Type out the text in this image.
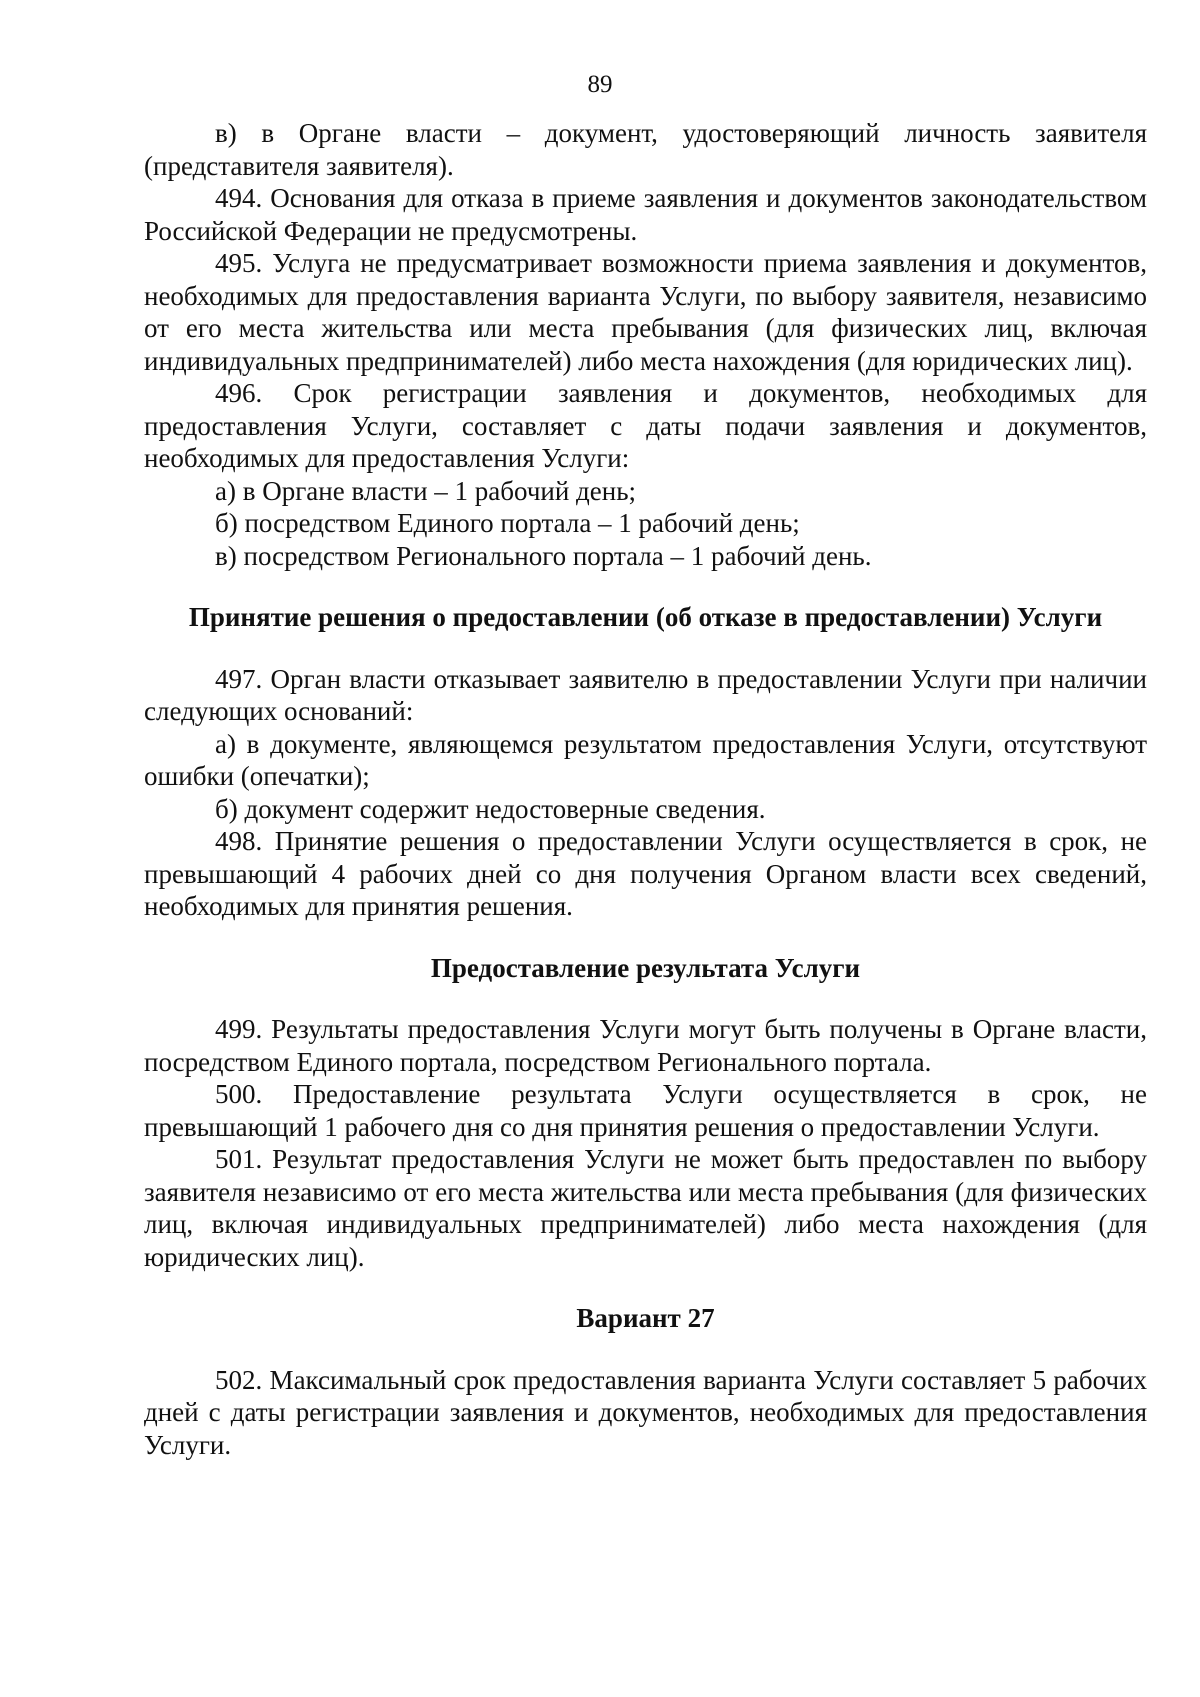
89

в) в Органе власти – документ, удостоверяющий личность заявителя (представителя заявителя).

494. Основания для отказа в приеме заявления и документов законодательством Российской Федерации не предусмотрены.

495. Услуга не предусматривает возможности приема заявления и документов, необходимых для предоставления варианта Услуги, по выбору заявителя, независимо от его места жительства или места пребывания (для физических лиц, включая индивидуальных предпринимателей) либо места нахождения (для юридических лиц).

496. Срок регистрации заявления и документов, необходимых для предоставления Услуги, составляет с даты подачи заявления и документов, необходимых для предоставления Услуги:

а) в Органе власти – 1 рабочий день;

б) посредством Единого портала – 1 рабочий день;

в) посредством Регионального портала – 1 рабочий день.

Принятие решения о предоставлении (об отказе в предоставлении) Услуги

497. Орган власти отказывает заявителю в предоставлении Услуги при наличии следующих оснований:

а) в документе, являющемся результатом предоставления Услуги, отсутствуют ошибки (опечатки);

б) документ содержит недостоверные сведения.

498. Принятие решения о предоставлении Услуги осуществляется в срок, не превышающий 4 рабочих дней со дня получения Органом власти всех сведений, необходимых для принятия решения.

Предоставление результата Услуги

499. Результаты предоставления Услуги могут быть получены в Органе власти, посредством Единого портала, посредством Регионального портала.

500. Предоставление результата Услуги осуществляется в срок, не превышающий 1 рабочего дня со дня принятия решения о предоставлении Услуги.

501. Результат предоставления Услуги не может быть предоставлен по выбору заявителя независимо от его места жительства или места пребывания (для физических лиц, включая индивидуальных предпринимателей) либо места нахождения (для юридических лиц).

Вариант 27

502. Максимальный срок предоставления варианта Услуги составляет 5 рабочих дней с даты регистрации заявления и документов, необходимых для предоставления Услуги.
